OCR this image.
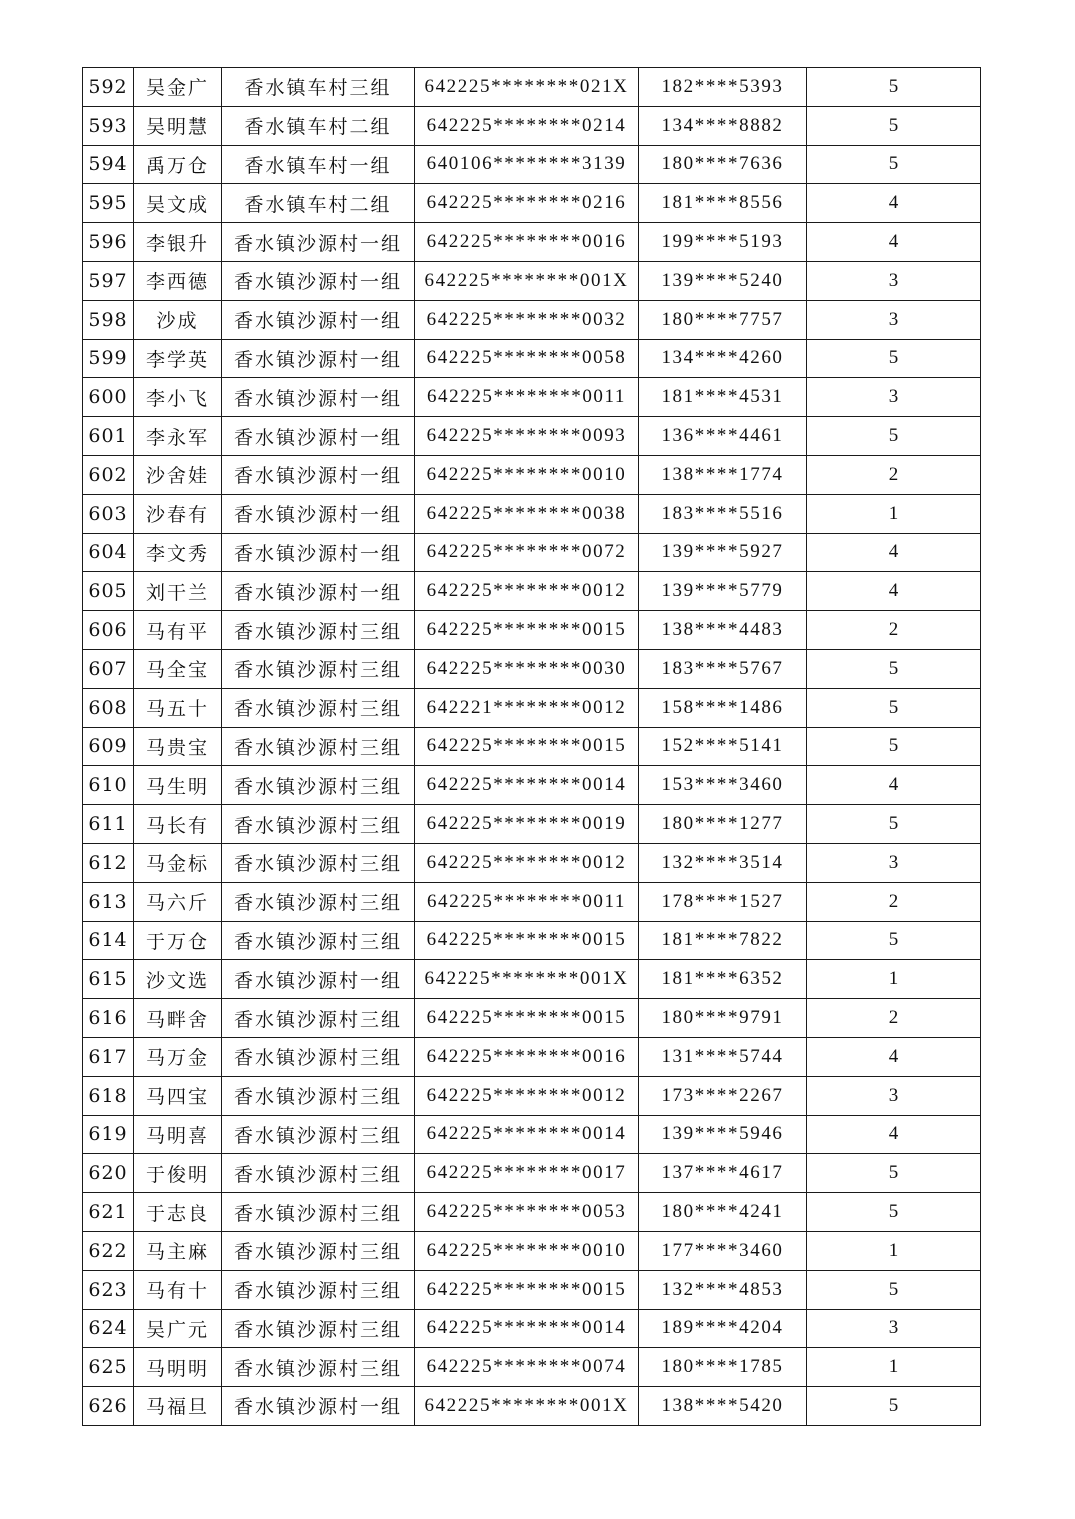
592	吴金广	香水镇车村三组	642225********021X	182****5393	5
593	吴明慧	香水镇车村二组	642225********0214	134****8882	5
594	禹万仓	香水镇车村一组	640106********3139	180****7636	5
595	吴文成	香水镇车村二组	642225********0216	181****8556	4
596	李银升	香水镇沙源村一组	642225********0016	199****5193	4
597	李西德	香水镇沙源村一组	642225********001X	139****5240	3
598	沙成	香水镇沙源村一组	642225********0032	180****7757	3
599	李学英	香水镇沙源村一组	642225********0058	134****4260	5
600	李小飞	香水镇沙源村一组	642225********0011	181****4531	3
601	李永军	香水镇沙源村一组	642225********0093	136****4461	5
602	沙舍娃	香水镇沙源村一组	642225********0010	138****1774	2
603	沙春有	香水镇沙源村一组	642225********0038	183****5516	1
604	李文秀	香水镇沙源村一组	642225********0072	139****5927	4
605	刘干兰	香水镇沙源村一组	642225********0012	139****5779	4
606	马有平	香水镇沙源村三组	642225********0015	138****4483	2
607	马全宝	香水镇沙源村三组	642225********0030	183****5767	5
608	马五十	香水镇沙源村三组	642221********0012	158****1486	5
609	马贵宝	香水镇沙源村三组	642225********0015	152****5141	5
610	马生明	香水镇沙源村三组	642225********0014	153****3460	4
611	马长有	香水镇沙源村三组	642225********0019	180****1277	5
612	马金标	香水镇沙源村三组	642225********0012	132****3514	3
613	马六斤	香水镇沙源村三组	642225********0011	178****1527	2
614	于万仓	香水镇沙源村三组	642225********0015	181****7822	5
615	沙文选	香水镇沙源村一组	642225********001X	181****6352	1
616	马畔舍	香水镇沙源村三组	642225********0015	180****9791	2
617	马万金	香水镇沙源村三组	642225********0016	131****5744	4
618	马四宝	香水镇沙源村三组	642225********0012	173****2267	3
619	马明喜	香水镇沙源村三组	642225********0014	139****5946	4
620	于俊明	香水镇沙源村三组	642225********0017	137****4617	5
621	于志良	香水镇沙源村三组	642225********0053	180****4241	5
622	马主麻	香水镇沙源村三组	642225********0010	177****3460	1
623	马有十	香水镇沙源村三组	642225********0015	132****4853	5
624	吴广元	香水镇沙源村三组	642225********0014	189****4204	3
625	马明明	香水镇沙源村三组	642225********0074	180****1785	1
626	马福旦	香水镇沙源村一组	642225********001X	138****5420	5
